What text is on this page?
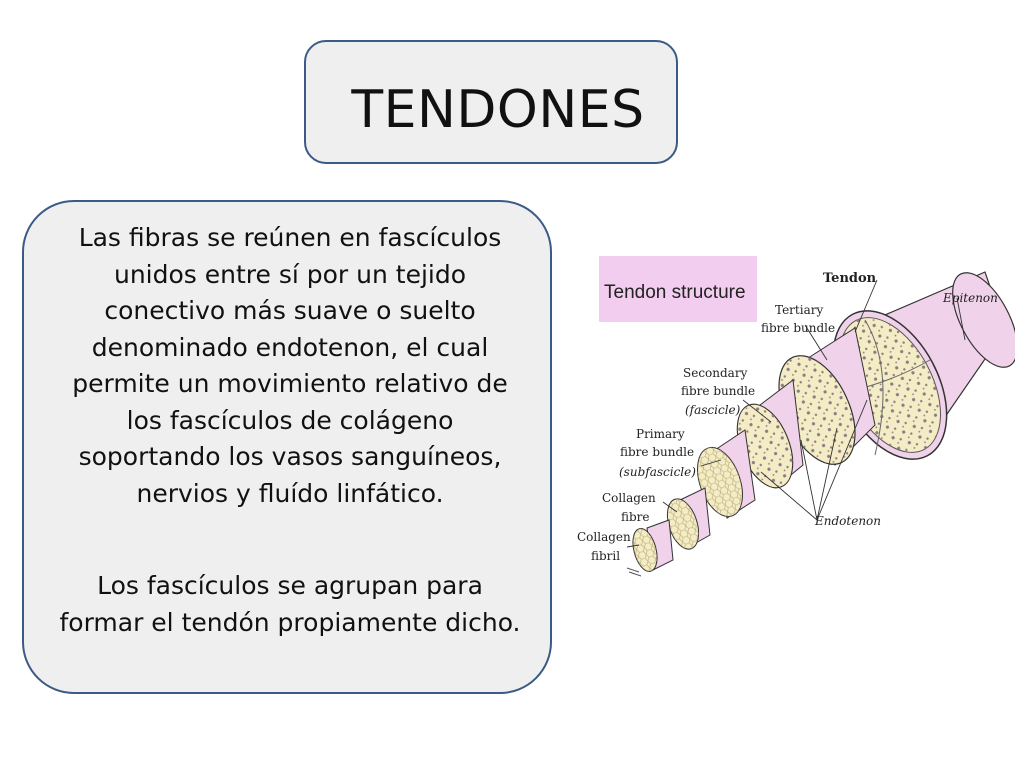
TENDONES
Las fibras se reúnen en fascículos unidos entre sí por un tejido conectivo más suave o suelto denominado endotenon, el cual permite un movimiento relativo de los fascículos de colágeno soportando los vasos sanguíneos, nervios y fluído linfático.
Los fascículos se agrupan para formar el tendón propiamente dicho.
Tendon structure
Tendon
Epitenon
Tertiary
fibre bundle
Secondary
fibre bundle
(fascicle)
Primary
fibre bundle
(subfascicle)
Collagen
fibre
Collagen
fibril
Endotenon
